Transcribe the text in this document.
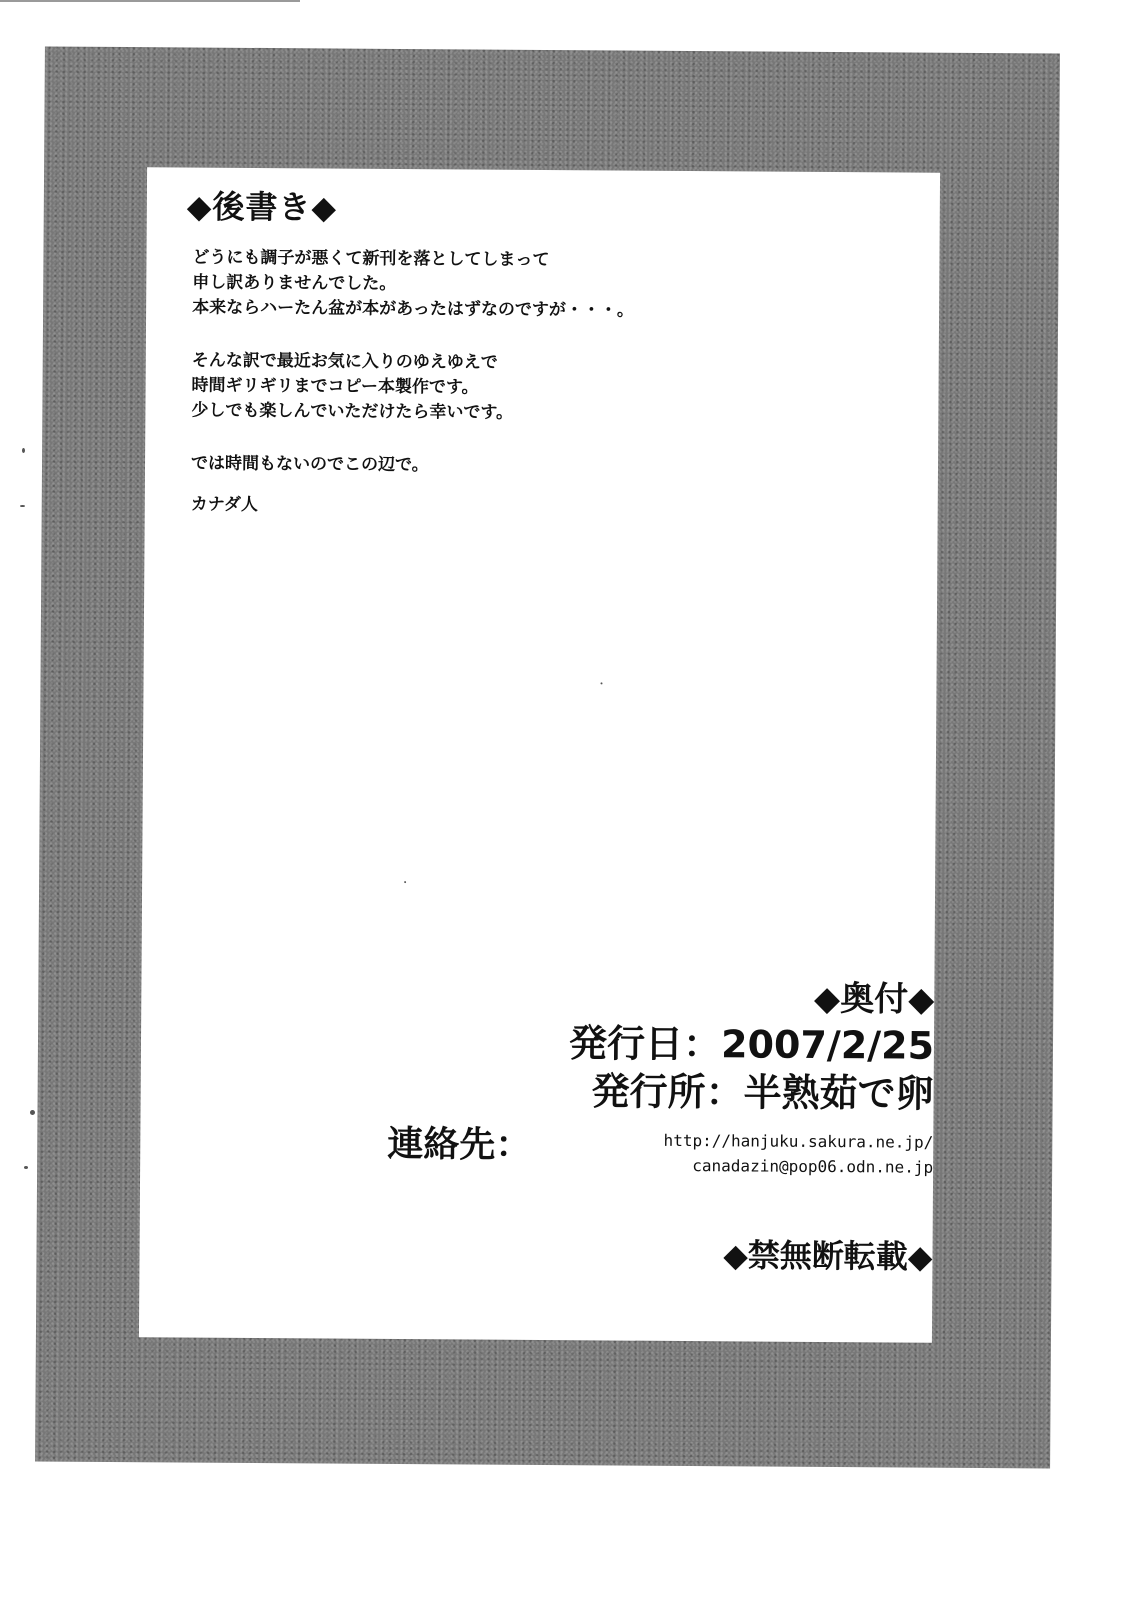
◆後書き◆
どうにも調子が悪くて新刊を落としてしまって
申し訳ありませんでした。
本来ならハーたん盆が本があったはずなのですが・・・。
そんな訳で最近お気に入りのゆえゆえで
時間ギリギリまでコピー本製作です。
少しでも楽しんでいただけたら幸いです。
では時間もないのでこの辺で。
カナダ人
◆奥付◆
発行日：2007/2/25
発行所：半熟茹で卵
連絡先：	http://hanjuku.sakura.ne.jp/
canadazin@pop06.odn.ne.jp
◆禁無断転載◆
